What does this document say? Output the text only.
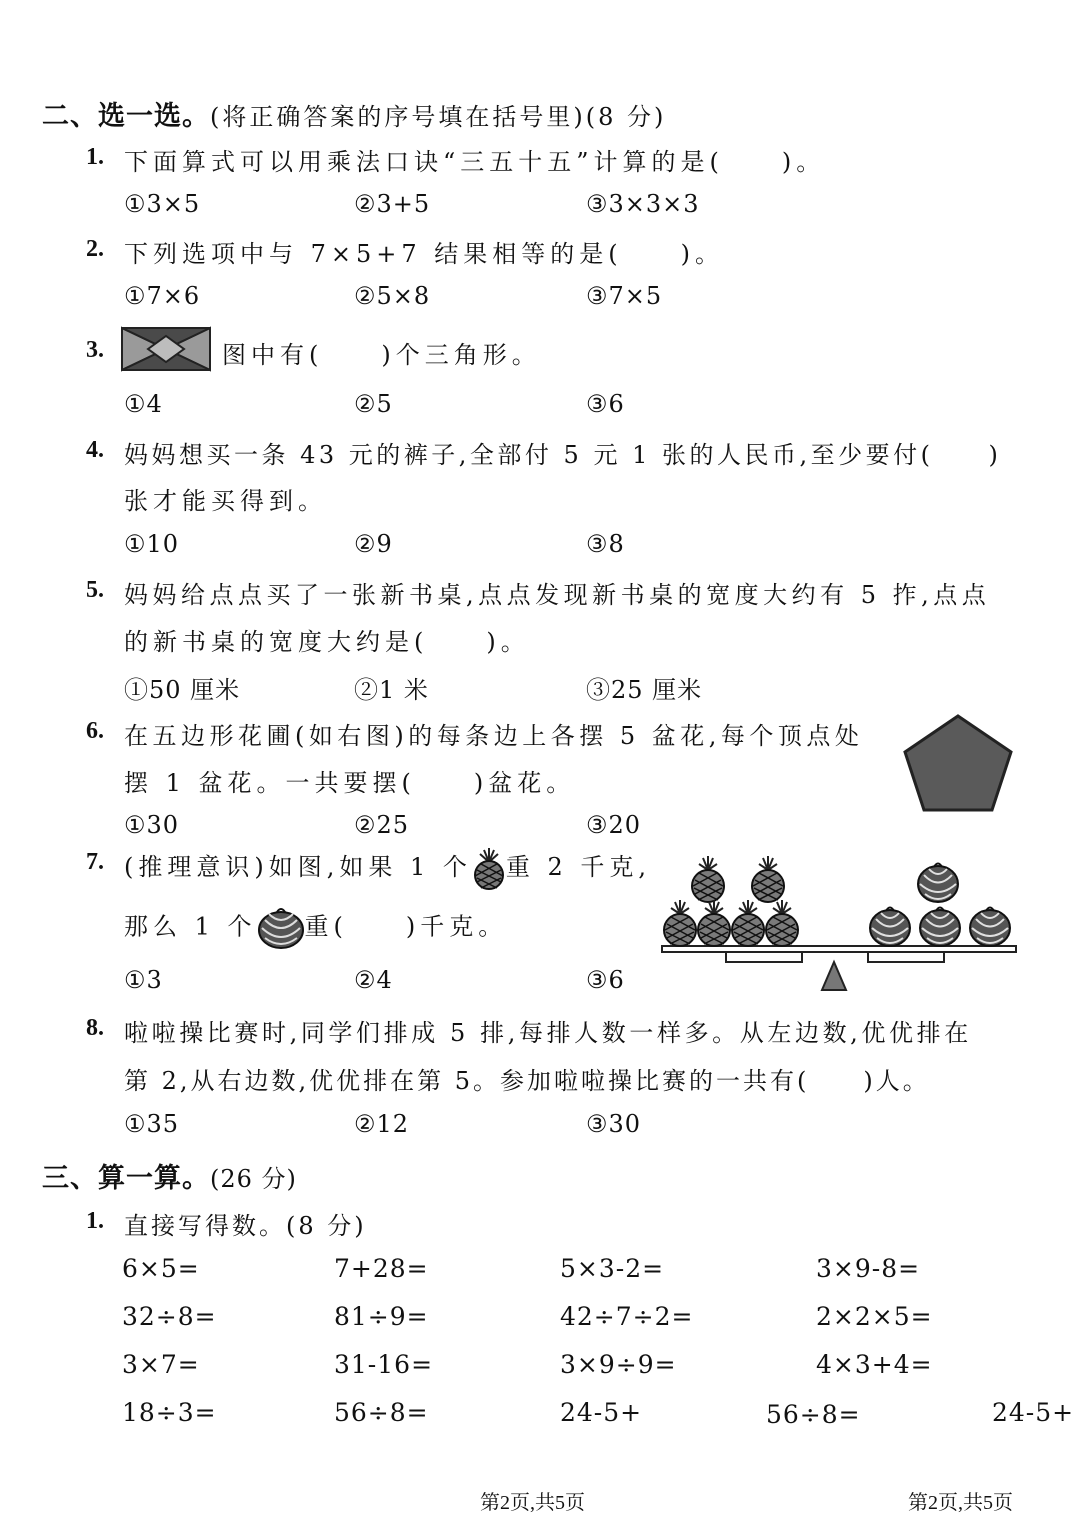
二、选一选。(将正确答案的序号填在括号里)(8 分)
1. 下面算式可以用乘法口诀“三五十五”计算的是(　　)。
①3×5	②3+5	③3×3×3
2. 下列选项中与 7×5+7 结果相等的是(　　)。
①7×6	②5×8	③7×5
3.	图中有(　　)个三角形。
①4	②5	③6
4. 妈妈想买一条 43 元的裤子,全部付 5 元 1 张的人民币,至少要付(　　)
张才能买得到。
①10	②9	③8
5. 妈妈给点点买了一张新书桌,点点发现新书桌的宽度大约有 5 拃,点点
的新书桌的宽度大约是(　　)。
①50 厘米	②1 米	③25 厘米
6. 在五边形花圃(如右图)的每条边上各摆 5 盆花,每个顶点处
摆 1 盆花。一共要摆(　　)盆花。
①30	②25	③20
7. (推理意识)如图,如果 1 个 重 2 千克,
那么 1 个 重(　　)千克。
①3	②4	③6
8. 啦啦操比赛时,同学们排成 5 排,每排人数一样多。从左边数,优优排在
第 2,从右边数,优优排在第 5。参加啦啦操比赛的一共有(　　)人。
①35	②12	③30
三、算一算。(26 分)
1. 直接写得数。(8 分)
6×5=	7+28=	5×3-2=	3×9-8=
32÷8=	81÷9=	42÷7÷2=	2×2×5=
3×7=	31-16=	3×9÷9=	4×3+4=
18÷3=	56÷8=	24-5+	56÷8=	24-5+
第2页,共5页	第2页,共5页
